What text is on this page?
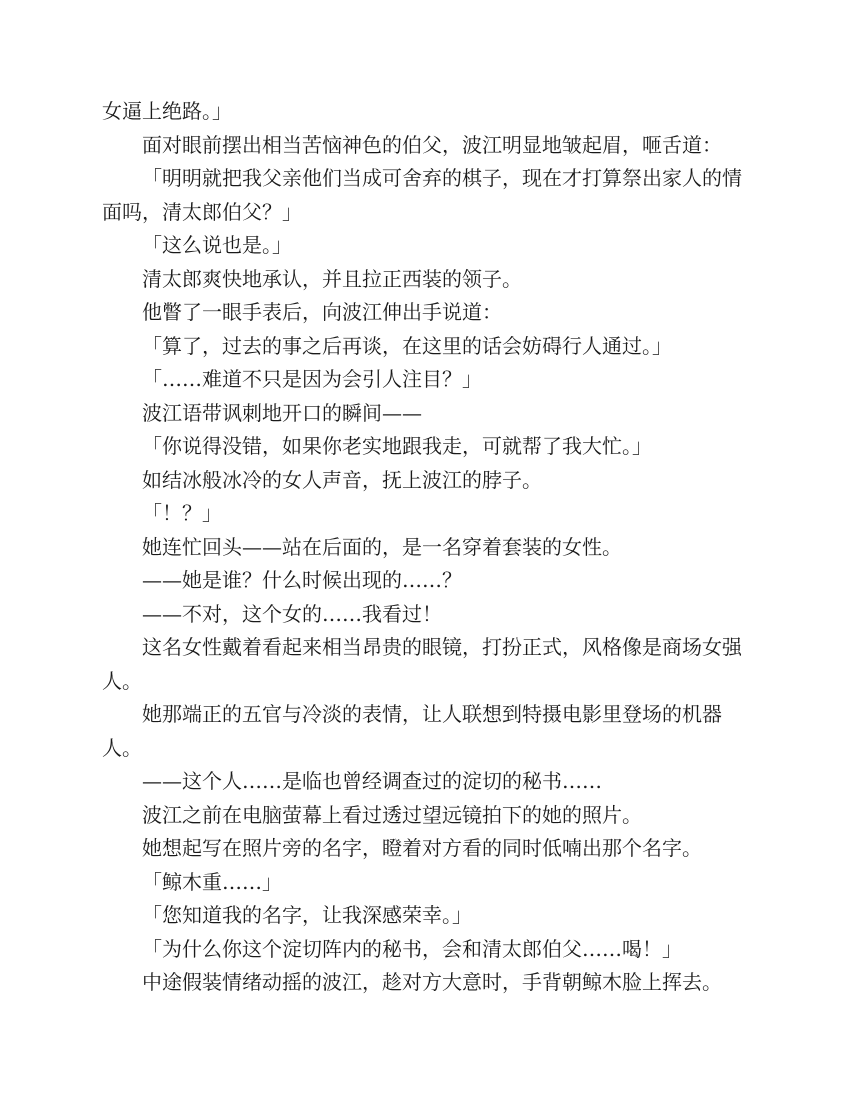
女逼上绝路。」

面对眼前摆出相当苦恼神色的伯父，波江明显地皱起眉，咂舌道：

「明明就把我父亲他们当成可舍弃的棋子，现在才打算祭出家人的情面吗，清太郎伯父？」

「这么说也是。」

清太郎爽快地承认，并且拉正西装的领子。

他瞥了一眼手表后，向波江伸出手说道：

「算了，过去的事之后再谈，在这里的话会妨碍行人通过。」

「……难道不只是因为会引人注目？」

波江语带讽刺地开口的瞬间——

「你说得没错，如果你老实地跟我走，可就帮了我大忙。」

如结冰般冰冷的女人声音，抚上波江的脖子。

「！？」

她连忙回头——站在后面的，是一名穿着套装的女性。

——她是谁？什么时候出现的……？

——不对，这个女的……我看过！

这名女性戴着看起来相当昂贵的眼镜，打扮正式，风格像是商场女强人。

她那端正的五官与冷淡的表情，让人联想到特摄电影里登场的机器人。

——这个人……是临也曾经调查过的淀切的秘书……

波江之前在电脑萤幕上看过透过望远镜拍下的她的照片。

她想起写在照片旁的名字，瞪着对方看的同时低喃出那个名字。

「鲸木重……」

「您知道我的名字，让我深感荣幸。」

「为什么你这个淀切阵内的秘书，会和清太郎伯父……喝！」

中途假装情绪动摇的波江，趁对方大意时，手背朝鲸木脸上挥去。
